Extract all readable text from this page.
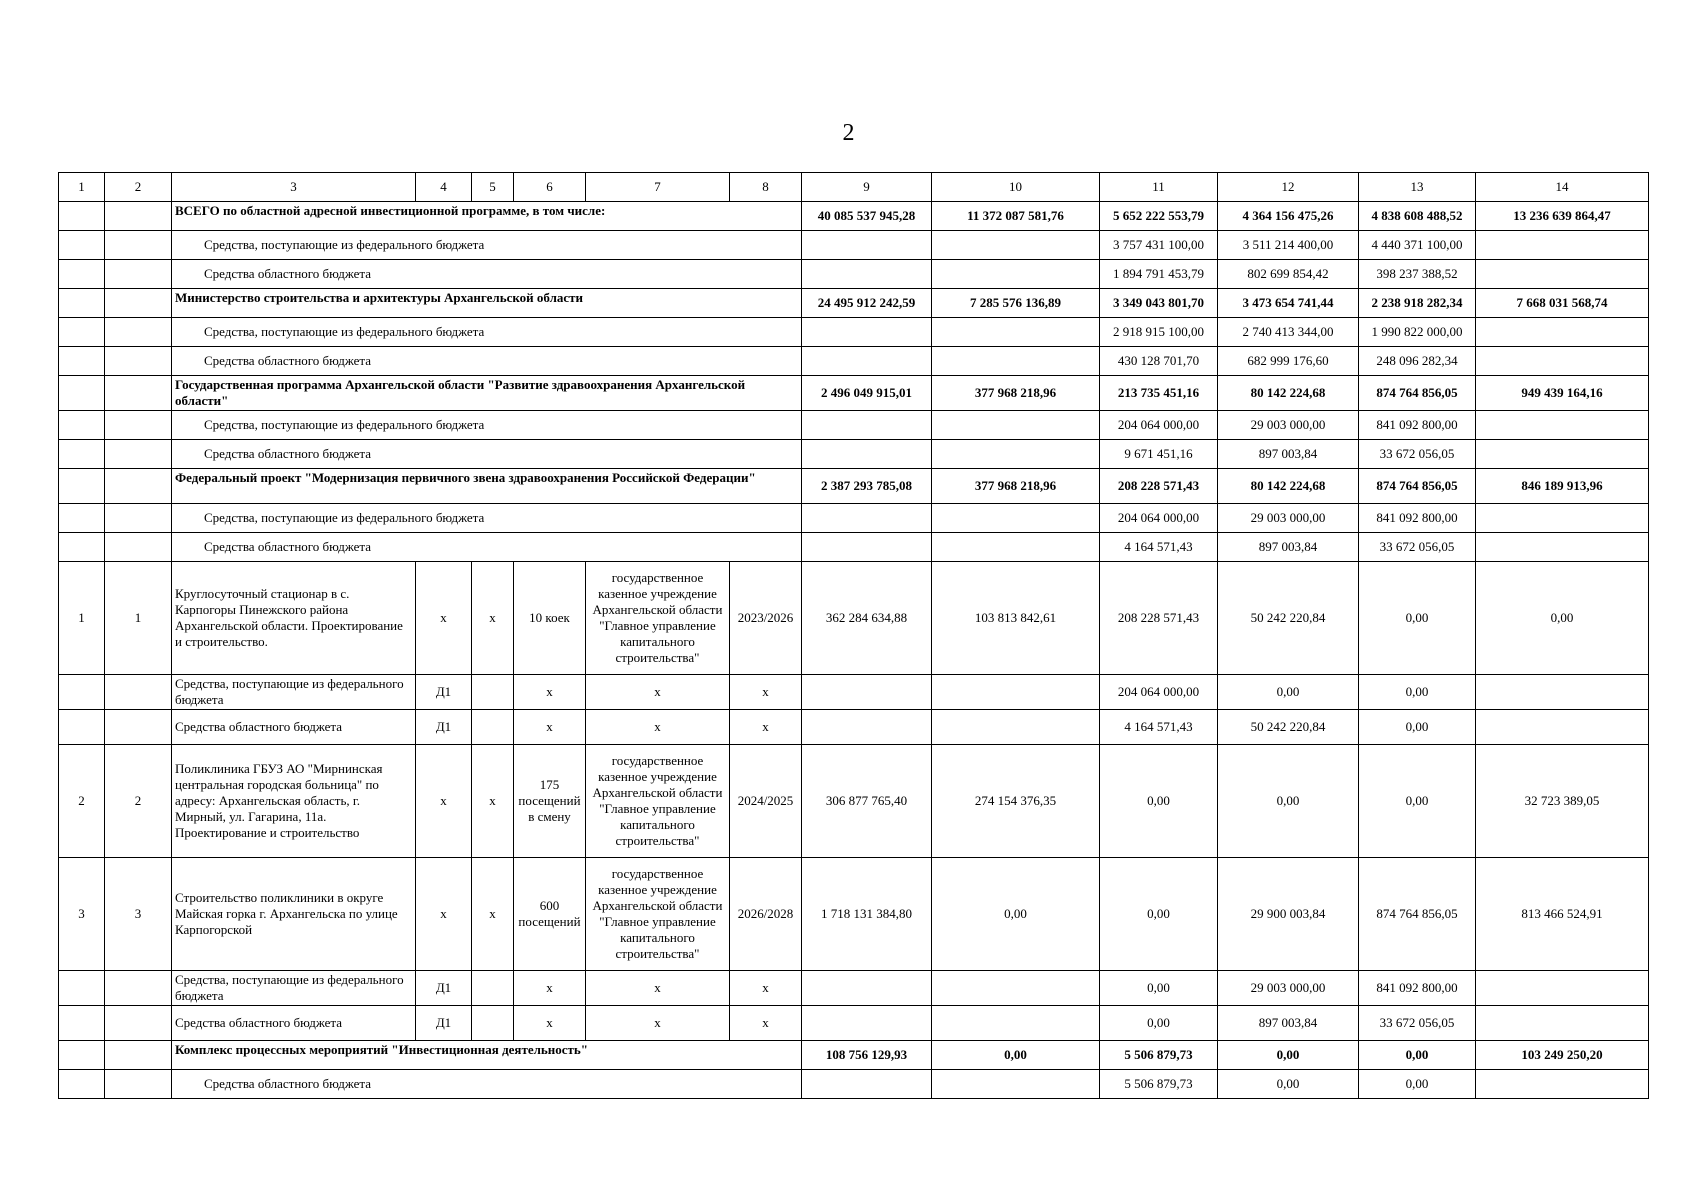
2
1	2	3	4	5	6	7	8	9	10	11	12	13	14
		ВСЕГО по областной адресной инвестиционной программе, в том числе:						40 085 537 945,28	11 372 087 581,76	5 652 222 553,79	4 364 156 475,26	4 838 608 488,52	13 236 639 864,47
		Средства, поступающие из федерального бюджета								3 757 431 100,00	3 511 214 400,00	4 440 371 100,00	
		Средства областного бюджета								1 894 791 453,79	802 699 854,42	398 237 388,52	
		Министерство строительства и архитектуры Архангельской области						24 495 912 242,59	7 285 576 136,89	3 349 043 801,70	3 473 654 741,44	2 238 918 282,34	7 668 031 568,74
		Средства, поступающие из федерального бюджета								2 918 915 100,00	2 740 413 344,00	1 990 822 000,00	
		Средства областного бюджета								430 128 701,70	682 999 176,60	248 096 282,34	
		Государственная программа Архангельской области "Развитие здравоохранения Архангельской области"						2 496 049 915,01	377 968 218,96	213 735 451,16	80 142 224,68	874 764 856,05	949 439 164,16
		Средства, поступающие из федерального бюджета								204 064 000,00	29 003 000,00	841 092 800,00	
		Средства областного бюджета								9 671 451,16	897 003,84	33 672 056,05	
		Федеральный проект "Модернизация первичного звена здравоохранения Российской Федерации"						2 387 293 785,08	377 968 218,96	208 228 571,43	80 142 224,68	874 764 856,05	846 189 913,96
		Средства, поступающие из федерального бюджета								204 064 000,00	29 003 000,00	841 092 800,00	
		Средства областного бюджета								4 164 571,43	897 003,84	33 672 056,05	
1	1	Круглосуточный стационар в с. Карпогоры Пинежского района Архангельской области. Проектирование и строительство.	х	х	10 коек	государственное казенное учреждение Архангельской области "Главное управление капитального строительства"	2023/2026	362 284 634,88	103 813 842,61	208 228 571,43	50 242 220,84	0,00	0,00
		Средства, поступающие из федерального бюджета	Д1		х	х	х			204 064 000,00	0,00	0,00	
		Средства областного бюджета	Д1		х	х	х			4 164 571,43	50 242 220,84	0,00	
2	2	Поликлиника ГБУЗ АО "Мирнинская центральная городская больница" по адресу: Архангельская область, г. Мирный, ул. Гагарина, 11а. Проектирование и строительство	х	х	175 посещений в смену	государственное казенное учреждение Архангельской области "Главное управление капитального строительства"	2024/2025	306 877 765,40	274 154 376,35	0,00	0,00	0,00	32 723 389,05
3	3	Строительство поликлиники в округе Майская горка г. Архангельска по улице Карпогорской	х	х	600 посещений	государственное казенное учреждение Архангельской области "Главное управление капитального строительства"	2026/2028	1 718 131 384,80	0,00	0,00	29 900 003,84	874 764 856,05	813 466 524,91
		Средства, поступающие из федерального бюджета	Д1		х	х	х			0,00	29 003 000,00	841 092 800,00	
		Средства областного бюджета	Д1		х	х	х			0,00	897 003,84	33 672 056,05	
		Комплекс процессных мероприятий "Инвестиционная деятельность"						108 756 129,93	0,00	5 506 879,73	0,00	0,00	103 249 250,20
		Средства областного бюджета								5 506 879,73	0,00	0,00	
